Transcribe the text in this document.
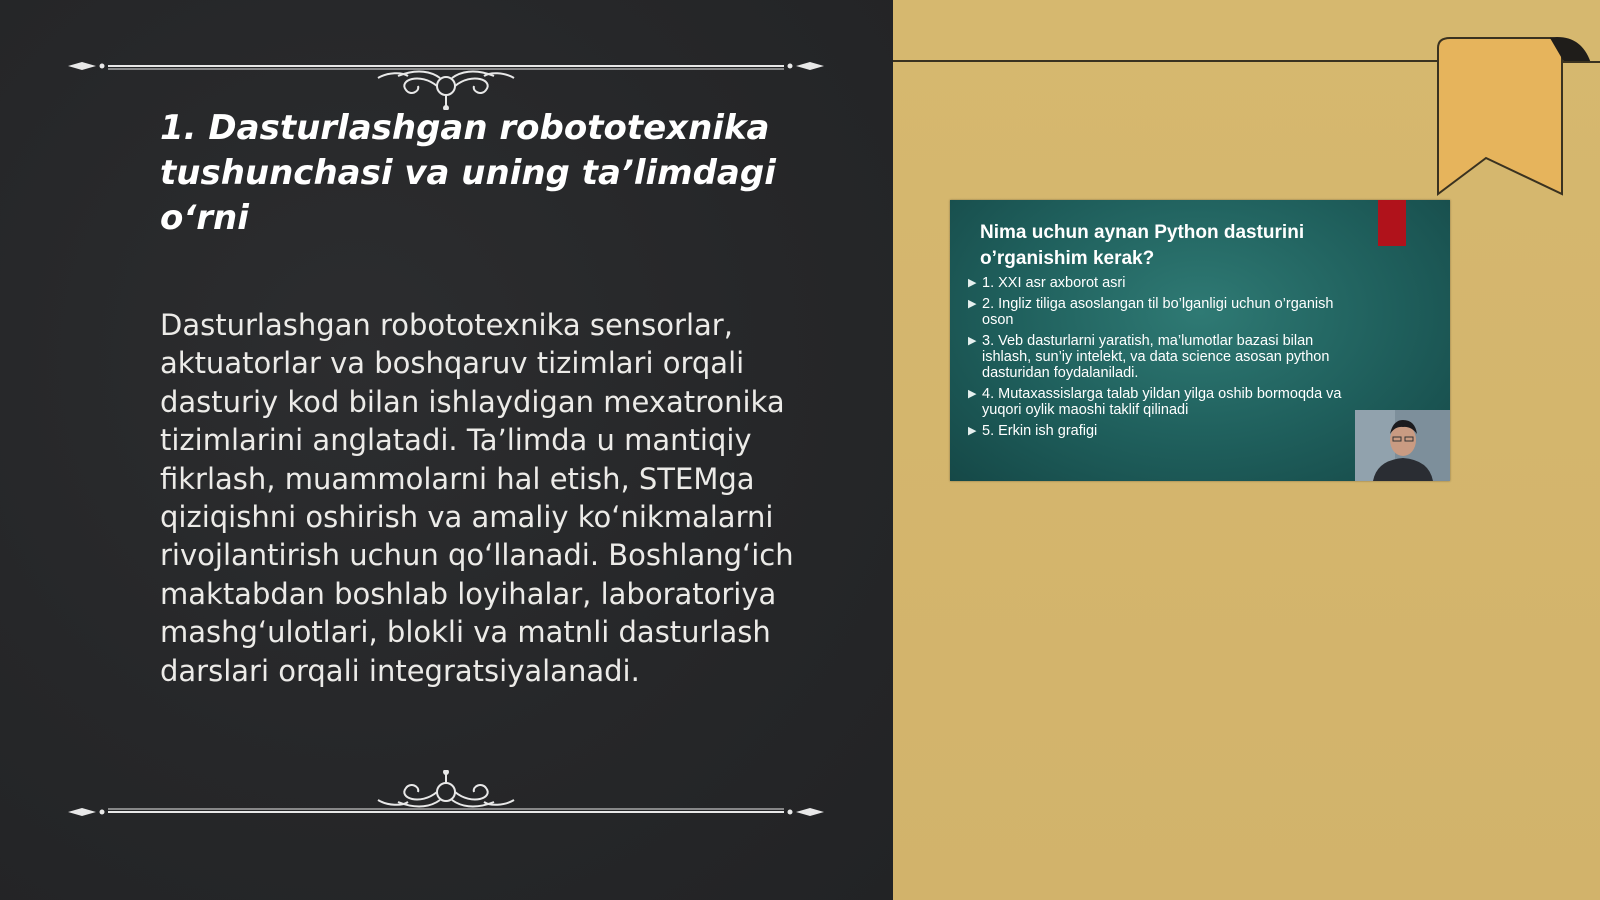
1. Dasturlashgan robototexnika tushunchasi va uning ta’limdagi o‘rni

Dasturlashgan robototexnika sensorlar, aktuatorlar va boshqaruv tizimlari orqali dasturiy kod bilan ishlaydigan mexatronika tizimlarini anglatadi. Ta’limda u mantiqiy fikrlash, muammolarni hal etish, STEMga qiziqishni oshirish va amaliy ko‘nikmalarni rivojlantirish uchun qo‘llanadi. Boshlang‘ich maktabdan boshlab loyihalar, laboratoriya mashg‘ulotlari, blokli va matnli dasturlash darslari orqali integratsiyalanadi.

Nima uchun aynan Python dasturini o’rganishim kerak?
▶ 1. XXI asr axborot asri
▶ 2. Ingliz tiliga asoslangan til bo’lganligi uchun o’rganish oson
▶ 3. Veb dasturlarni yaratish, ma’lumotlar bazasi bilan ishlash, sun’iy intelekt, va data science asosan python dasturidan foydalaniladi.
▶ 4. Mutaxassislarga talab yildan yilga oshib bormoqda va yuqori oylik maoshi taklif qilinadi
▶ 5. Erkin ish grafigi
